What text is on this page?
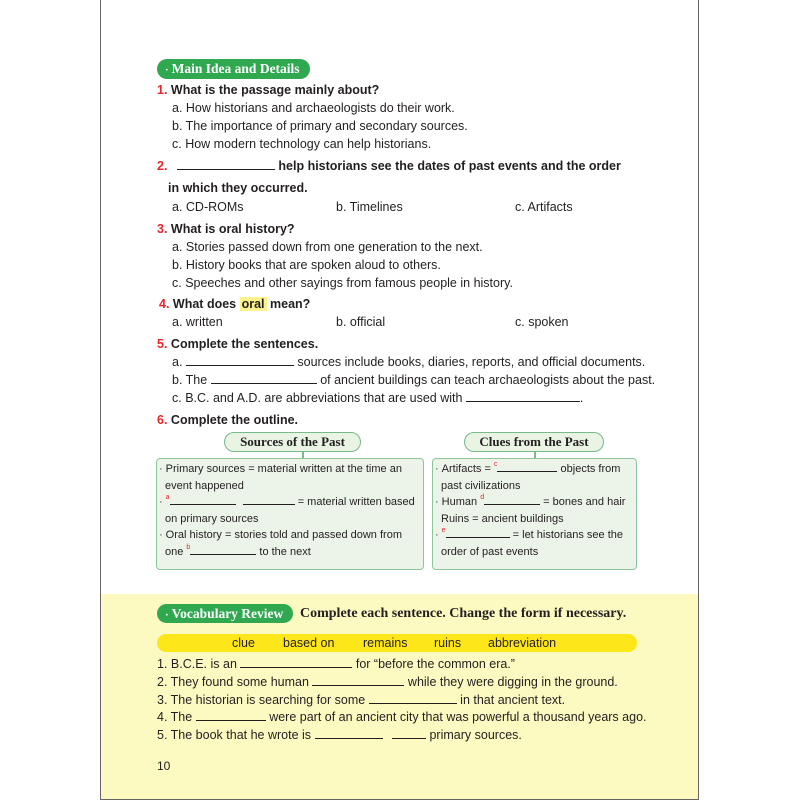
· Main Idea and Details
1. What is the passage mainly about?
a. How historians and archaeologists do their work.
b. The importance of primary and secondary sources.
c. How modern technology can help historians.
2.	help historians see the dates of past events and the order
in which they occurred.
a. CD-ROMs	b. Timelines	c. Artifacts
3. What is oral history?
a. Stories passed down from one generation to the next.
b. History books that are spoken aloud to others.
c. Speeches and other sayings from famous people in history.
4. What does oral mean?
a. written	b. official	c. spoken
5. Complete the sentences.
a.	sources include books, diaries, reports, and official documents.
b. The	of ancient buildings can teach archaeologists about the past.
c. B.C. and A.D. are abbreviations that are used with	.
6. Complete the outline.
Sources of the Past
· Primary sources = material written at the time an
event happened
· $^a$	= material written based
on primary sources
· Oral history = stories told and passed down from
one $^b$	to the next
Clues from the Past
· Artifacts = $^c$	objects from
past civilizations
· Human $^d$	= bones and hair
Ruins = ancient buildings
· $^e$	= let historians see the
order of past events
· Vocabulary Review	Complete each sentence. Change the form if necessary.
clue based on remains ruins abbreviation
1. B.C.E. is an	for “before the common era.”
2. They found some human	while they were digging in the ground.
3. The historian is searching for some	in that ancient text.
4. The	were part of an ancient city that was powerful a thousand years ago.
5. The book that he wrote is	primary sources.
10
